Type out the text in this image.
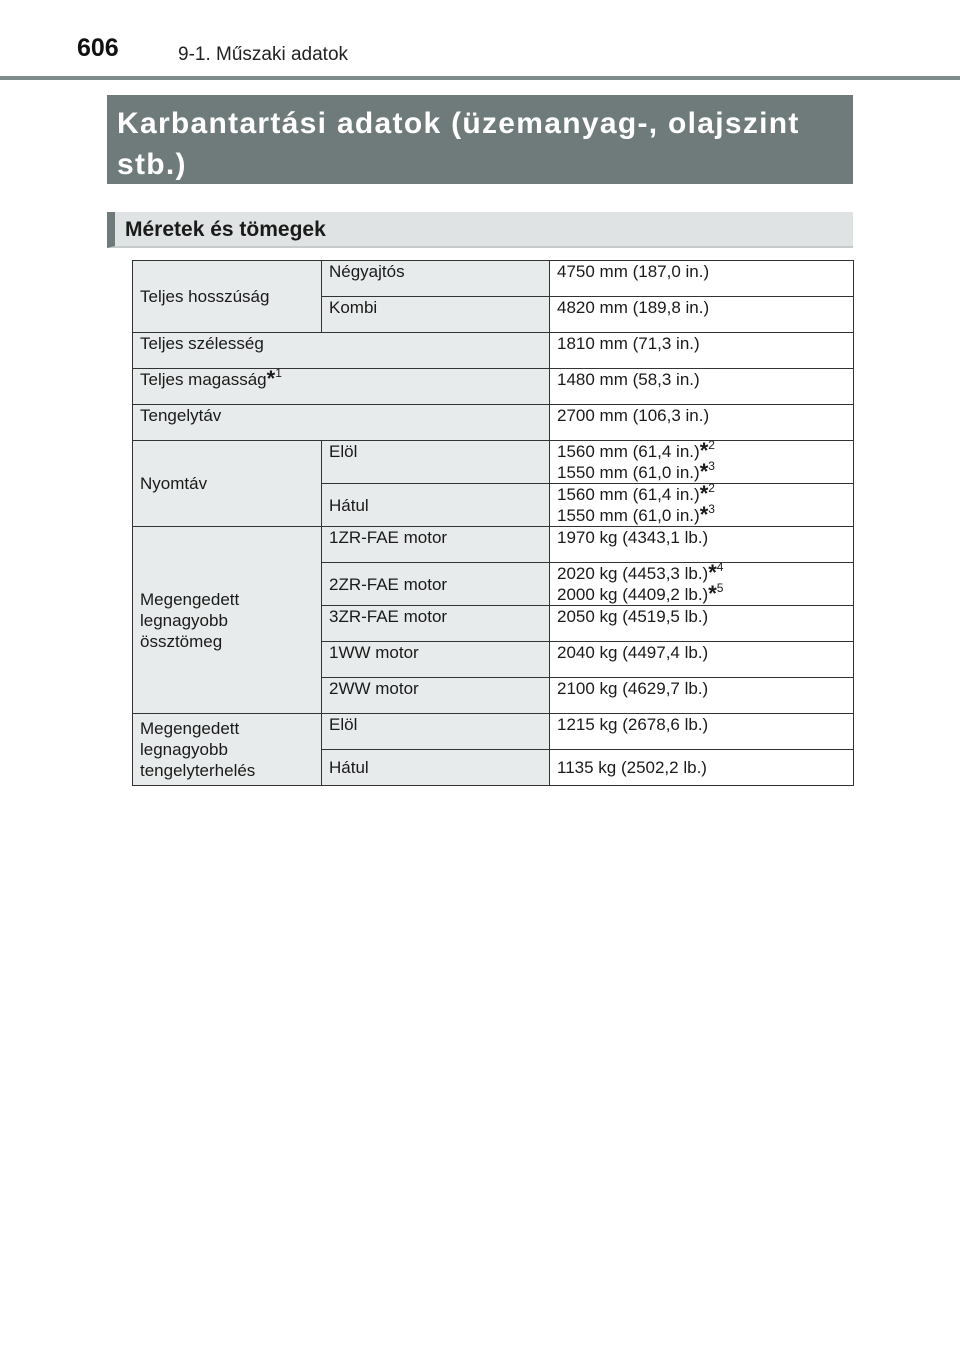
606	9-1. Műszaki adatok
Karbantartási adatok (üzemanyag-, olajszint stb.)
Méretek és tömegek
Teljes hosszúság	Négyajtós	4750 mm (187,0 in.)
	Kombi	4820 mm (189,8 in.)
Teljes szélesség		1810 mm (71,3 in.)
Teljes magasság*$^1$		1480 mm (58,3 in.)
Tengelytáv		2700 mm (106,3 in.)
Nyomtáv	Elöl	1560 mm (61,4 in.)*$^2$
1550 mm (61,0 in.)*$^3$

	Hátul	1560 mm (61,4 in.)*$^2$
1550 mm (61,0 in.)*$^3$

Megengedett
legnagyobb
össztömeg	1ZR-FAE motor	1970 kg (4343,1 lb.)
	2ZR-FAE motor	2020 kg (4453,3 lb.)*$^4$
2000 kg (4409,2 lb.)*$^5$

	3ZR-FAE motor	2050 kg (4519,5 lb.)
	1WW motor	2040 kg (4497,4 lb.)
	2WW motor	2100 kg (4629,7 lb.)

Megengedett
legnagyobb
tengelyterhelés	Elöl	1215 kg (2678,6 lb.)
	Hátul	1135 kg (2502,2 lb.)
